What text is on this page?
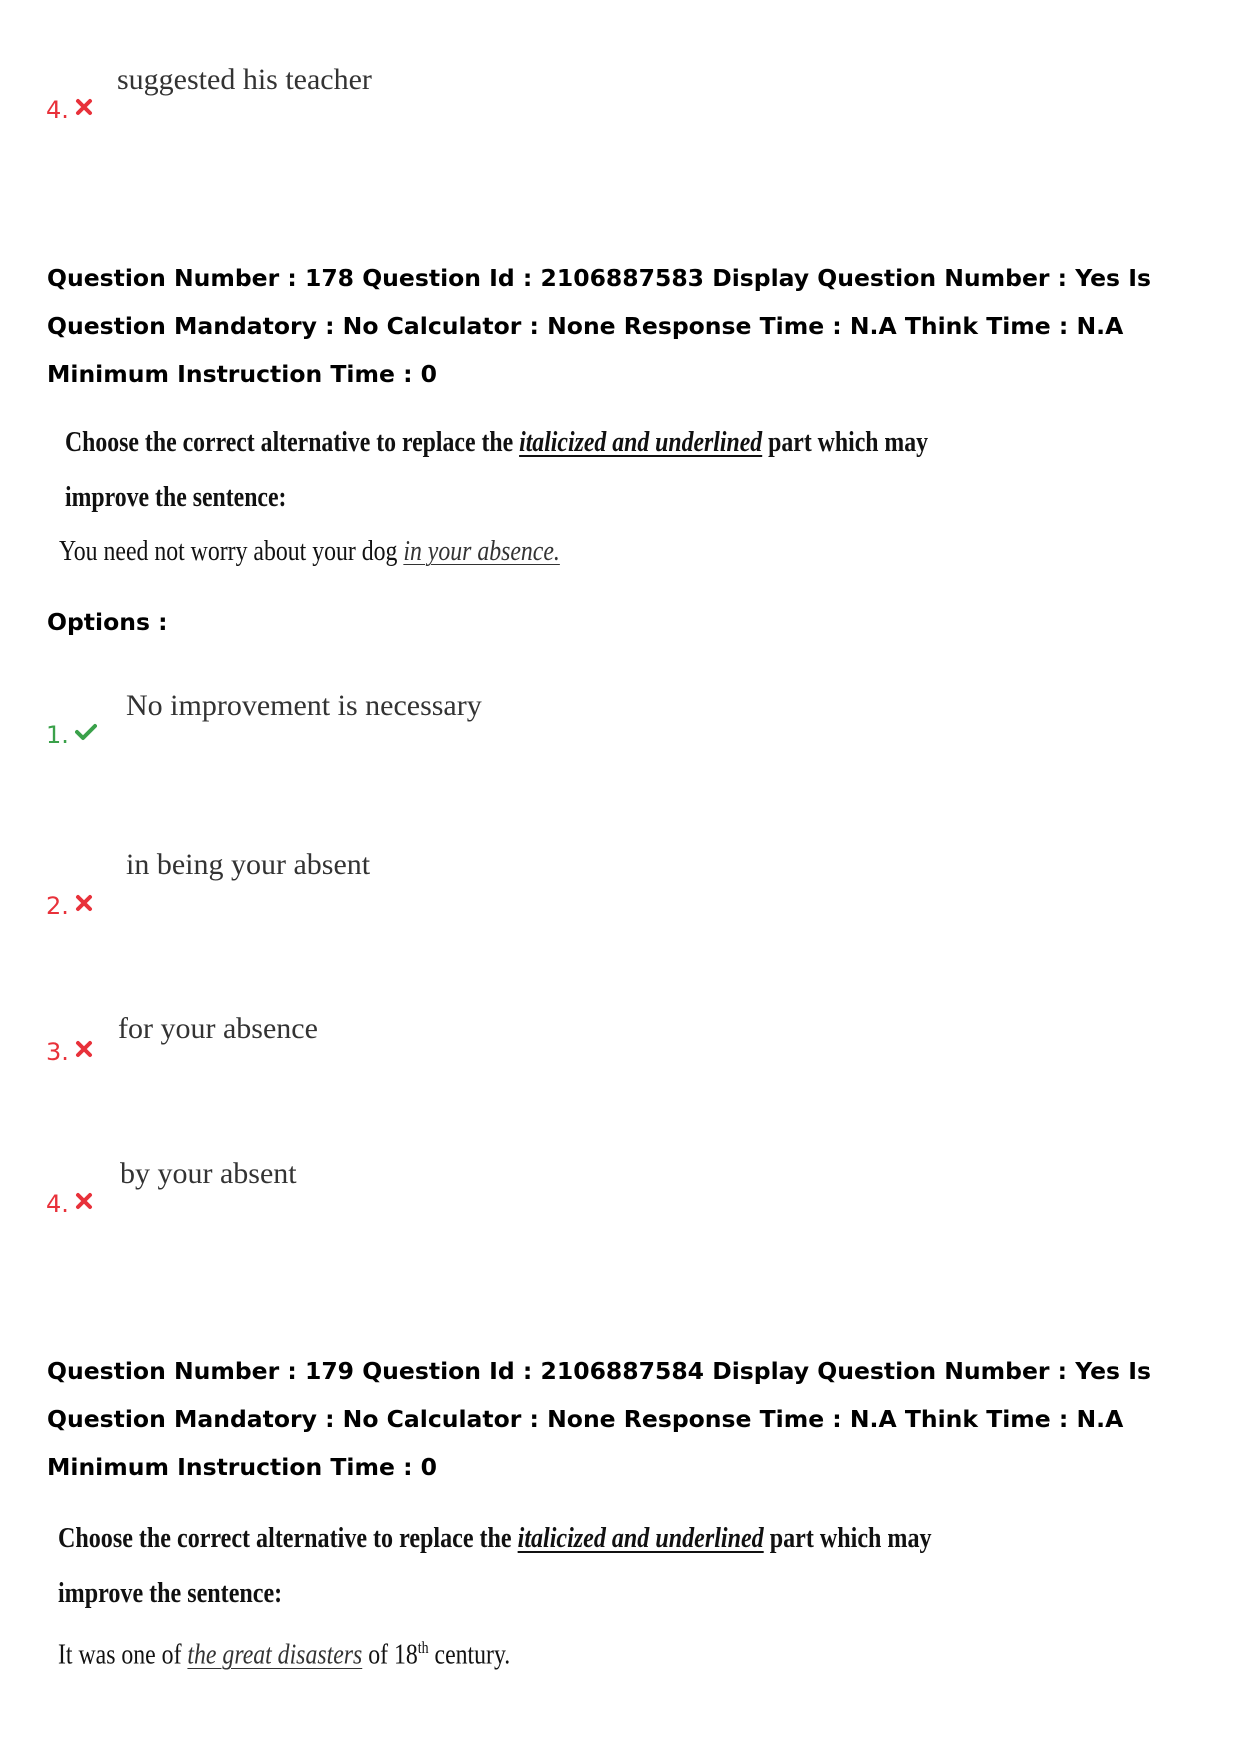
suggested his teacher
4.
Question Number : 178 Question Id : 2106887583 Display Question Number : Yes Is Question Mandatory : No Calculator : None Response Time : N.A Think Time : N.A Minimum Instruction Time : 0
Choose the correct alternative to replace the italicized and underlined part which may
improve the sentence:
You need not worry about your dog in your absence.
Options :
No improvement is necessary
1.
in being your absent
2.
for your absence
3.
by your absent
4.
Question Number : 179 Question Id : 2106887584 Display Question Number : Yes Is Question Mandatory : No Calculator : None Response Time : N.A Think Time : N.A Minimum Instruction Time : 0
Choose the correct alternative to replace the italicized and underlined part which may
improve the sentence:
It was one of the great disasters of 18th century.
